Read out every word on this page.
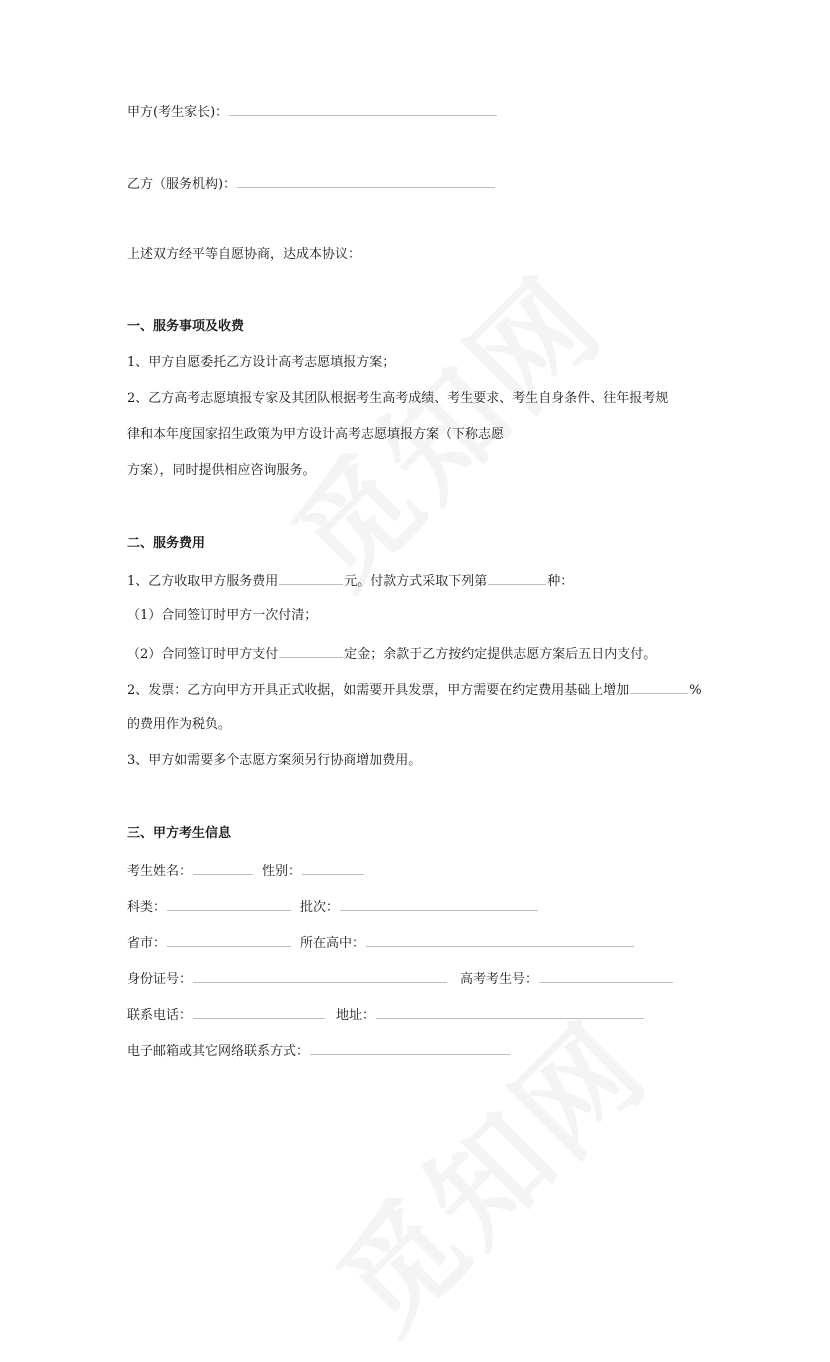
甲方(考生家长)：
乙方（服务机构)：
上述双方经平等自愿协商，达成本协议：
一、服务事项及收费
1、甲方自愿委托乙方设计高考志愿填报方案；
2、乙方高考志愿填报专家及其团队根据考生高考成绩、考生要求、考生自身条件、往年报考规
律和本年度国家招生政策为甲方设计高考志愿填报方案（下称志愿
方案），同时提供相应咨询服务。
二、服务费用
1、乙方收取甲方服务费用	元。付款方式采取下列第	种：
（1）合同签订时甲方一次付清；
（2）合同签订时甲方支付	定金；余款于乙方按约定提供志愿方案后五日内支付。
2、发票：乙方向甲方开具正式收据，如需要开具发票，甲方需要在约定费用基础上增加	%
的费用作为税负。
3、甲方如需要多个志愿方案须另行协商增加费用。
三、甲方考生信息
考生姓名：	性别：
科类：	批次：
省市：	所在高中：
身份证号：	高考考生号：
联系电话：	地址：
电子邮箱或其它网络联系方式：
